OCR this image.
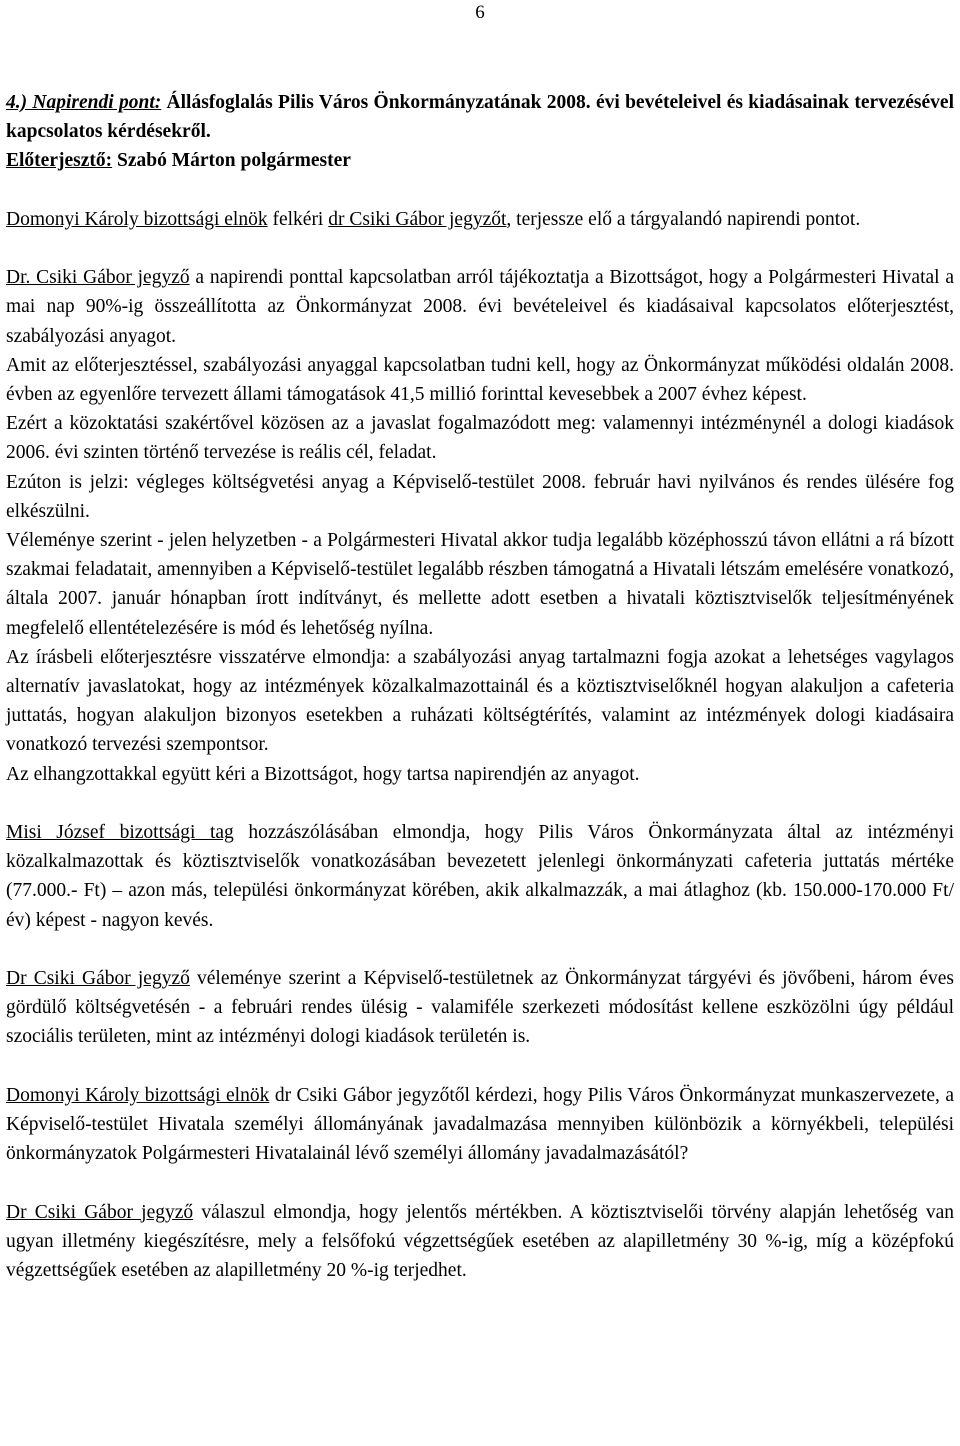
6

4.) Napirendi pont: Állásfoglalás Pilis Város Önkormányzatának 2008. évi bevételeivel és kiadásainak tervezésével kapcsolatos kérdésekről.

Előterjesztő: Szabó Márton polgármester

Domonyi Károly bizottsági elnök felkéri dr Csiki Gábor jegyzőt, terjessze elő a tárgyalandó napirendi pontot.

Dr. Csiki Gábor jegyző a napirendi ponttal kapcsolatban arról tájékoztatja a Bizottságot, hogy a Polgármesteri Hivatal a mai nap 90%-ig összeállította az Önkormányzat 2008. évi bevételeivel és kiadásaival kapcsolatos előterjesztést, szabályozási anyagot.

Amit az előterjesztéssel, szabályozási anyaggal kapcsolatban tudni kell, hogy az Önkormányzat működési oldalán 2008. évben az egyenlőre tervezett állami támogatások 41,5 millió forinttal kevesebbek a 2007 évhez képest.

Ezért a közoktatási szakértővel közösen az a javaslat fogalmazódott meg: valamennyi intézménynél a dologi kiadások 2006. évi szinten történő tervezése is reális cél, feladat.

Ezúton is jelzi: végleges költségvetési anyag a Képviselő-testület 2008. február havi nyilvános és rendes ülésére fog elkészülni.

Véleménye szerint - jelen helyzetben - a Polgármesteri Hivatal akkor tudja legalább középhosszú távon ellátni a rá bízott szakmai feladatait, amennyiben a Képviselő-testület legalább részben támogatná a Hivatali létszám emelésére vonatkozó, általa 2007. január hónapban írott indítványt, és mellette adott esetben a hivatali köztisztviselők teljesítményének megfelelő ellentételezésére is mód és lehetőség nyílna.

Az írásbeli előterjesztésre visszatérve elmondja: a szabályozási anyag tartalmazni fogja azokat a lehetséges vagylagos alternatív javaslatokat, hogy az intézmények közalkalmazottainál és a köztisztviselőknél hogyan alakuljon a cafeteria juttatás, hogyan alakuljon bizonyos esetekben a ruházati költségtérítés, valamint az intézmények dologi kiadásaira vonatkozó tervezési szempontsor.

Az elhangzottakkal együtt kéri a Bizottságot, hogy tartsa napirendjén az anyagot.

Misi József bizottsági tag hozzászólásában elmondja, hogy Pilis Város Önkormányzata által az intézményi közalkalmazottak és köztisztviselők vonatkozásában bevezetett jelenlegi önkormányzati cafeteria juttatás mértéke (77.000.- Ft) – azon más, települési önkormányzat körében, akik alkalmazzák, a mai átlaghoz (kb. 150.000-170.000 Ft/év) képest - nagyon kevés.

Dr Csiki Gábor jegyző véleménye szerint a Képviselő-testületnek az Önkormányzat tárgyévi és jövőbeni, három éves gördülő költségvetésén - a februári rendes ülésig - valamiféle szerkezeti módosítást kellene eszközölni úgy például szociális területen, mint az intézményi dologi kiadások területén is.

Domonyi Károly bizottsági elnök dr Csiki Gábor jegyzőtől kérdezi, hogy Pilis Város Önkormányzat munkaszervezete, a Képviselő-testület Hivatala személyi állományának javadalmazása mennyiben különbözik a környékbeli, települési önkormányzatok Polgármesteri Hivatalainál lévő személyi állomány javadalmazásától?

Dr Csiki Gábor jegyző válaszul elmondja, hogy jelentős mértékben. A köztisztviselői törvény alapján lehetőség van ugyan illetmény kiegészítésre, mely a felsőfokú végzettségűek esetében az alapilletmény 30 %-ig, míg a középfokú végzettségűek esetében az alapilletmény 20 %-ig terjedhet.
